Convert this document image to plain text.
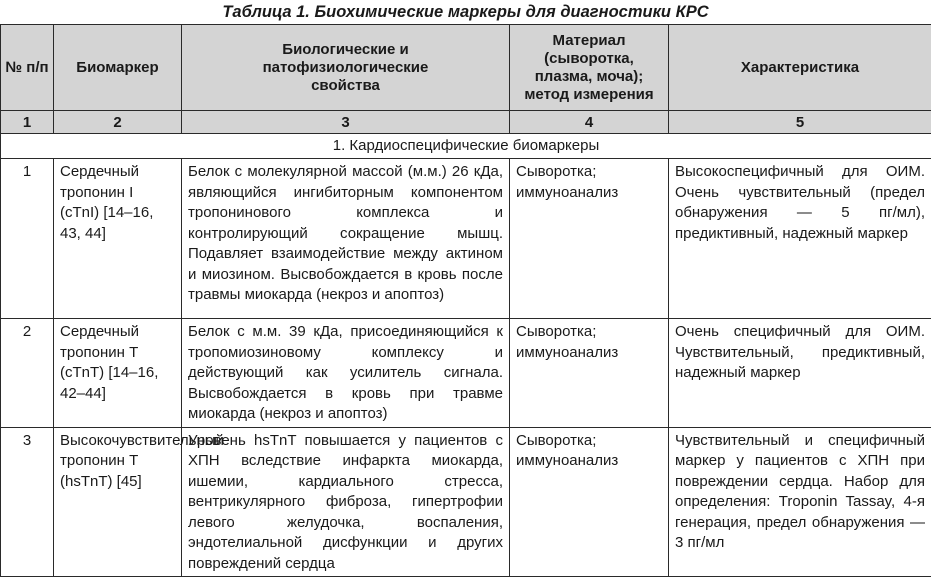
Таблица 1. Биохимические маркеры для диагностики КРС
№ п/п	Биомаркер	Биологические и патофизиологические свойства	Материал (сыворотка, плазма, моча); метод измерения	Характеристика
1	2	3	4	5
1. Кардиоспецифические биомаркеры				
1	Сердечный тропонин I (cTnI) [14–16, 43, 44]	Белок с молекулярной массой (м.м.) 26 кДа, являющийся ингибиторным компонентом тропонинового комплекса и контролирующий сокращение мышц. Подавляет взаимодействие между актином и миозином. Высвобождается в кровь после травмы миокарда (некроз и апоптоз)	Сыворотка; иммуноанализ	Высокоспецифичный для ОИМ. Очень чувствительный (предел обнаружения — 5 пг/мл), предиктивный, надежный маркер
2	Сердечный тропонин T (cTnT) [14–16, 42–44]	Белок с м.м. 39 кДа, присоединяющийся к тропомиозиновому комплексу и действующий как усилитель сигнала. Высвобождается в кровь при травме миокарда (некроз и апоптоз)	Сыворотка; иммуноанализ	Очень специфичный для ОИМ. Чувствительный, предиктивный, надежный маркер
3	Высокочувствительный тропонин T (hsTnT) [45]	Уровень hsTnT повышается у пациентов с ХПН вследствие инфаркта миокарда, ишемии, кардиального стресса, вентрикулярного фиброза, гипертрофии левого желудочка, воспаления, эндотелиальной дисфункции и других повреждений сердца	Сыворотка; иммуноанализ	Чувствительный и специфичный маркер у пациентов с ХПН при повреждении сердца. Набор для определения: Troponin Tassay, 4-я генерация, предел обнаружения — 3 пг/мл
